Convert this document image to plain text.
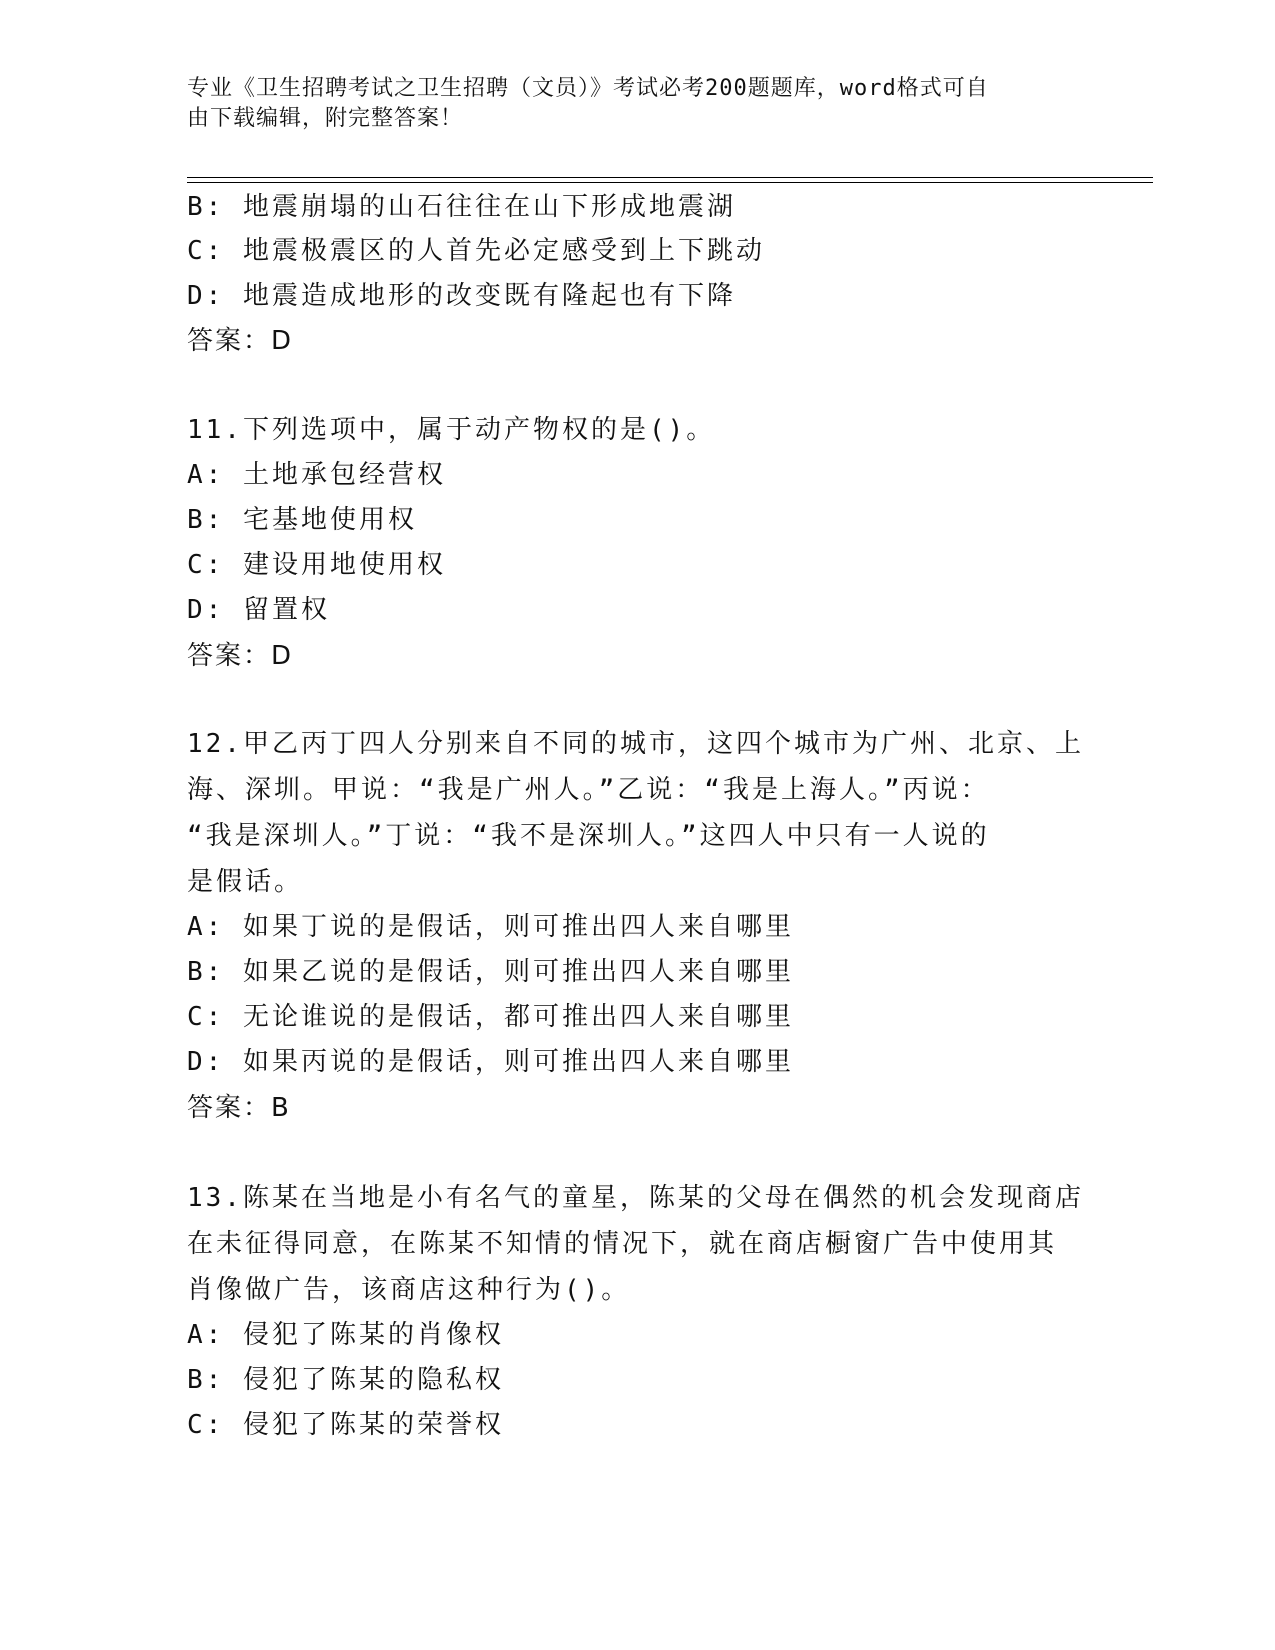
专业《卫生招聘考试之卫生招聘（文员）》考试必考200题题库，word格式可自
由下载编辑，附完整答案！
B: 地震崩塌的山石往往在山下形成地震湖
C: 地震极震区的人首先必定感受到上下跳动
D: 地震造成地形的改变既有隆起也有下降
答案：D
11.下列选项中，属于动产物权的是()。
A: 土地承包经营权
B: 宅基地使用权
C: 建设用地使用权
D: 留置权
答案：D
12.甲乙丙丁四人分别来自不同的城市，这四个城市为广州、北京、上
海、深圳。甲说：“我是广州人。”乙说：“我是上海人。”丙说：
“我是深圳人。”丁说：“我不是深圳人。”这四人中只有一人说的
是假话。
A: 如果丁说的是假话，则可推出四人来自哪里
B: 如果乙说的是假话，则可推出四人来自哪里
C: 无论谁说的是假话，都可推出四人来自哪里
D: 如果丙说的是假话，则可推出四人来自哪里
答案：B
13.陈某在当地是小有名气的童星，陈某的父母在偶然的机会发现商店
在未征得同意，在陈某不知情的情况下，就在商店橱窗广告中使用其
肖像做广告，该商店这种行为()。
A: 侵犯了陈某的肖像权
B: 侵犯了陈某的隐私权
C: 侵犯了陈某的荣誉权
